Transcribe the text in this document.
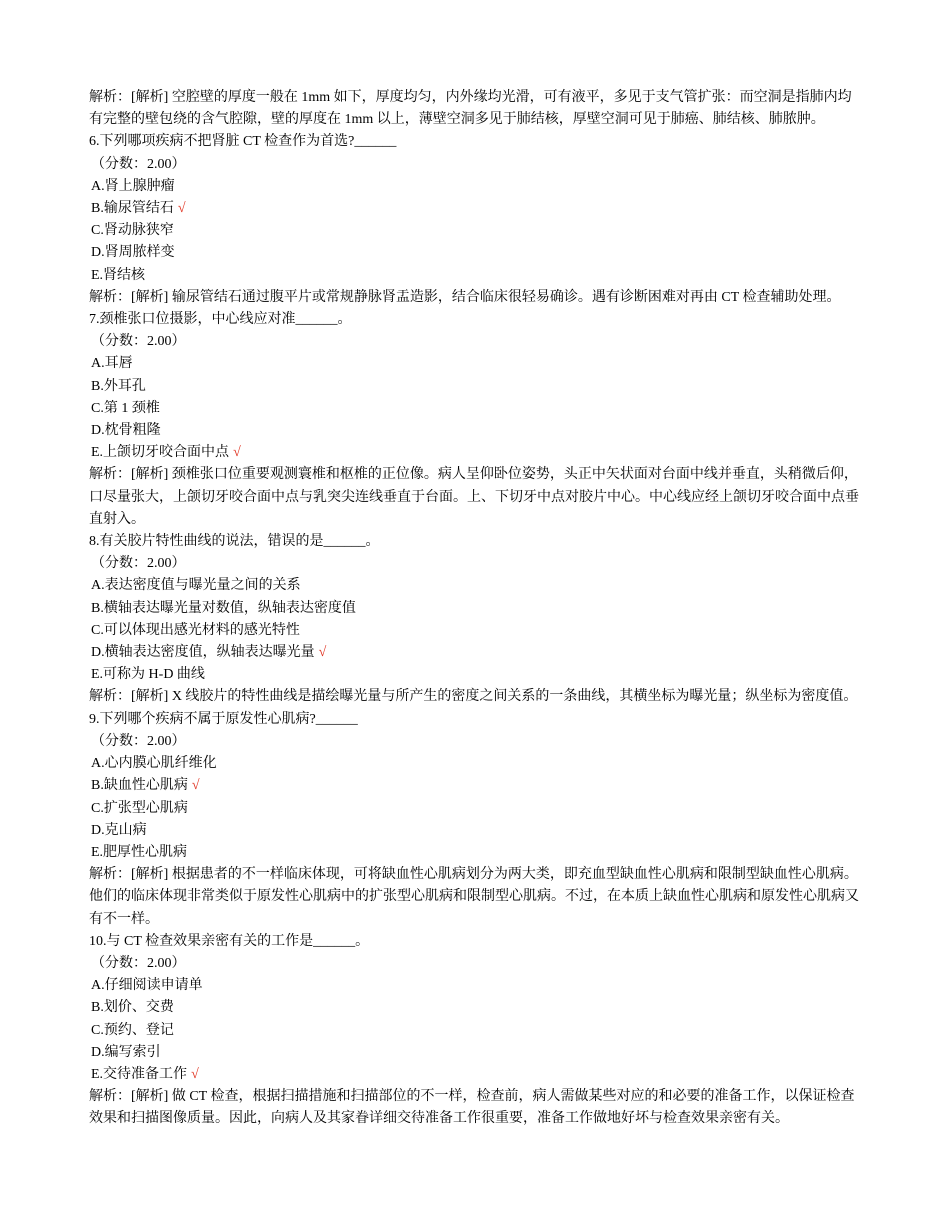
解析：[解析] 空腔壁的厚度一般在 1mm 如下，厚度均匀，内外缘均光滑，可有液平，多见于支气管扩张：而空洞是指肺内均有完整的壁包绕的含气腔隙，壁的厚度在 1mm 以上，薄壁空洞多见于肺结核，厚壁空洞可见于肺癌、肺结核、肺脓肿。
6.下列哪项疾病不把肾脏 CT 检查作为首选?______
（分数：2.00）
A.肾上腺肿瘤
B.输尿管结石 √
C.肾动脉狭窄
D.肾周脓样变
E.肾结核
解析：[解析] 输尿管结石通过腹平片或常规静脉肾盂造影，结合临床很轻易确诊。遇有诊断困难对再由 CT 检查辅助处理。
7.颈椎张口位摄影，中心线应对准______。
（分数：2.00）
A.耳唇
B.外耳孔
C.第 1 颈椎
D.枕骨粗隆
E.上颌切牙咬合面中点 √
解析：[解析] 颈椎张口位重要观测寰椎和枢椎的正位像。病人呈仰卧位姿势，头正中矢状面对台面中线并垂直，头稍微后仰，口尽量张大，上颌切牙咬合面中点与乳突尖连线垂直于台面。上、下切牙中点对胶片中心。中心线应经上颌切牙咬合面中点垂直射入。
8.有关胶片特性曲线的说法，错误的是______。
（分数：2.00）
A.表达密度值与曝光量之间的关系
B.横轴表达曝光量对数值，纵轴表达密度值
C.可以体现出感光材料的感光特性
D.横轴表达密度值，纵轴表达曝光量 √
E.可称为 H-D 曲线
解析：[解析] X 线胶片的特性曲线是描绘曝光量与所产生的密度之间关系的一条曲线，其横坐标为曝光量；纵坐标为密度值。
9.下列哪个疾病不属于原发性心肌病?______
（分数：2.00）
A.心内膜心肌纤维化
B.缺血性心肌病 √
C.扩张型心肌病
D.克山病
E.肥厚性心肌病
解析：[解析] 根据患者的不一样临床体现，可将缺血性心肌病划分为两大类，即充血型缺血性心肌病和限制型缺血性心肌病。他们的临床体现非常类似于原发性心肌病中的扩张型心肌病和限制型心肌病。不过，在本质上缺血性心肌病和原发性心肌病又有不一样。
10.与 CT 检查效果亲密有关的工作是______。
（分数：2.00）
A.仔细阅读申请单
B.划价、交费
C.预约、登记
D.编写索引
E.交待准备工作 √
解析：[解析] 做 CT 检查，根据扫描措施和扫描部位的不一样，检查前，病人需做某些对应的和必要的准备工作，以保证检查效果和扫描图像质量。因此，向病人及其家眷详细交待准备工作很重要，准备工作做地好坏与检查效果亲密有关。
